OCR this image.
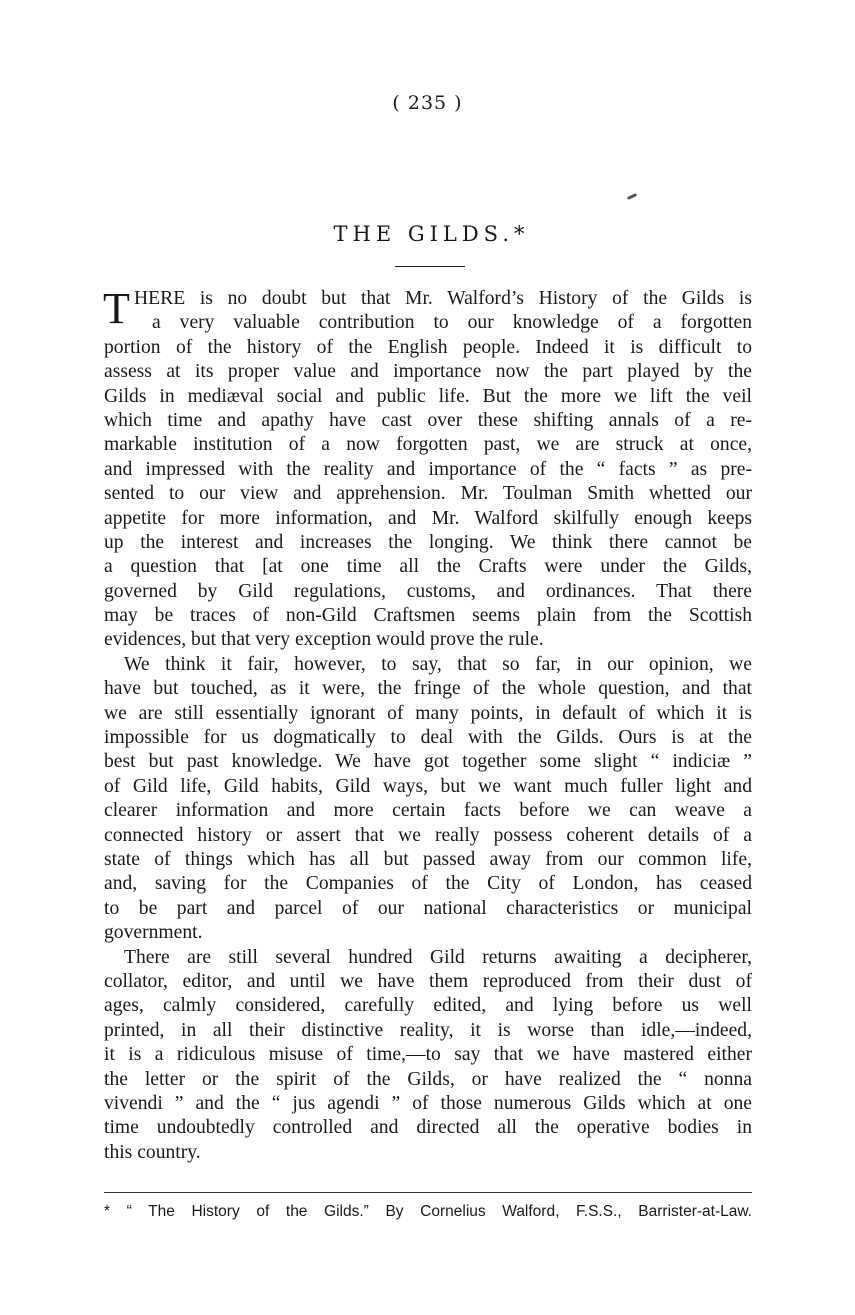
( 235 )
THE GILDS.*

T HERE is no doubt but that Mr. Walford’s History of the Gilds is
a very valuable contribution to our knowledge of a forgotten
portion of the history of the English people. Indeed it is difficult to
assess at its proper value and importance now the part played by the
Gilds in mediæval social and public life. But the more we lift the veil
which time and apathy have cast over these shifting annals of a re-
markable institution of a now forgotten past, we are struck at once,
and impressed with the reality and importance of the “ facts ” as pre-
sented to our view and apprehension. Mr. Toulman Smith whetted our
appetite for more information, and Mr. Walford skilfully enough keeps
up the interest and increases the longing. We think there cannot be
a question that [at one time all the Crafts were under the Gilds,
governed by Gild regulations, customs, and ordinances. That there
may be traces of non-Gild Craftsmen seems plain from the Scottish
evidences, but that very exception would prove the rule.

We think it fair, however, to say, that so far, in our opinion, we
have but touched, as it were, the fringe of the whole question, and that
we are still essentially ignorant of many points, in default of which it is
impossible for us dogmatically to deal with the Gilds. Ours is at the
best but past knowledge. We have got together some slight “ indiciæ ”
of Gild life, Gild habits, Gild ways, but we want much fuller light and
clearer information and more certain facts before we can weave a
connected history or assert that we really possess coherent details of a
state of things which has all but passed away from our common life,
and, saving for the Companies of the City of London, has ceased
to be part and parcel of our national characteristics or municipal
government.

There are still several hundred Gild returns awaiting a decipherer,
collator, editor, and until we have them reproduced from their dust of
ages, calmly considered, carefully edited, and lying before us well
printed, in all their distinctive reality, it is worse than idle,—indeed,
it is a ridiculous misuse of time,—to say that we have mastered either
the letter or the spirit of the Gilds, or have realized the “ nonna
vivendi ” and the “ jus agendi ” of those numerous Gilds which at one
time undoubtedly controlled and directed all the operative bodies in
this country.

* “ The History of the Gilds.” By Cornelius Walford, F.S.S., Barrister-at-Law.
